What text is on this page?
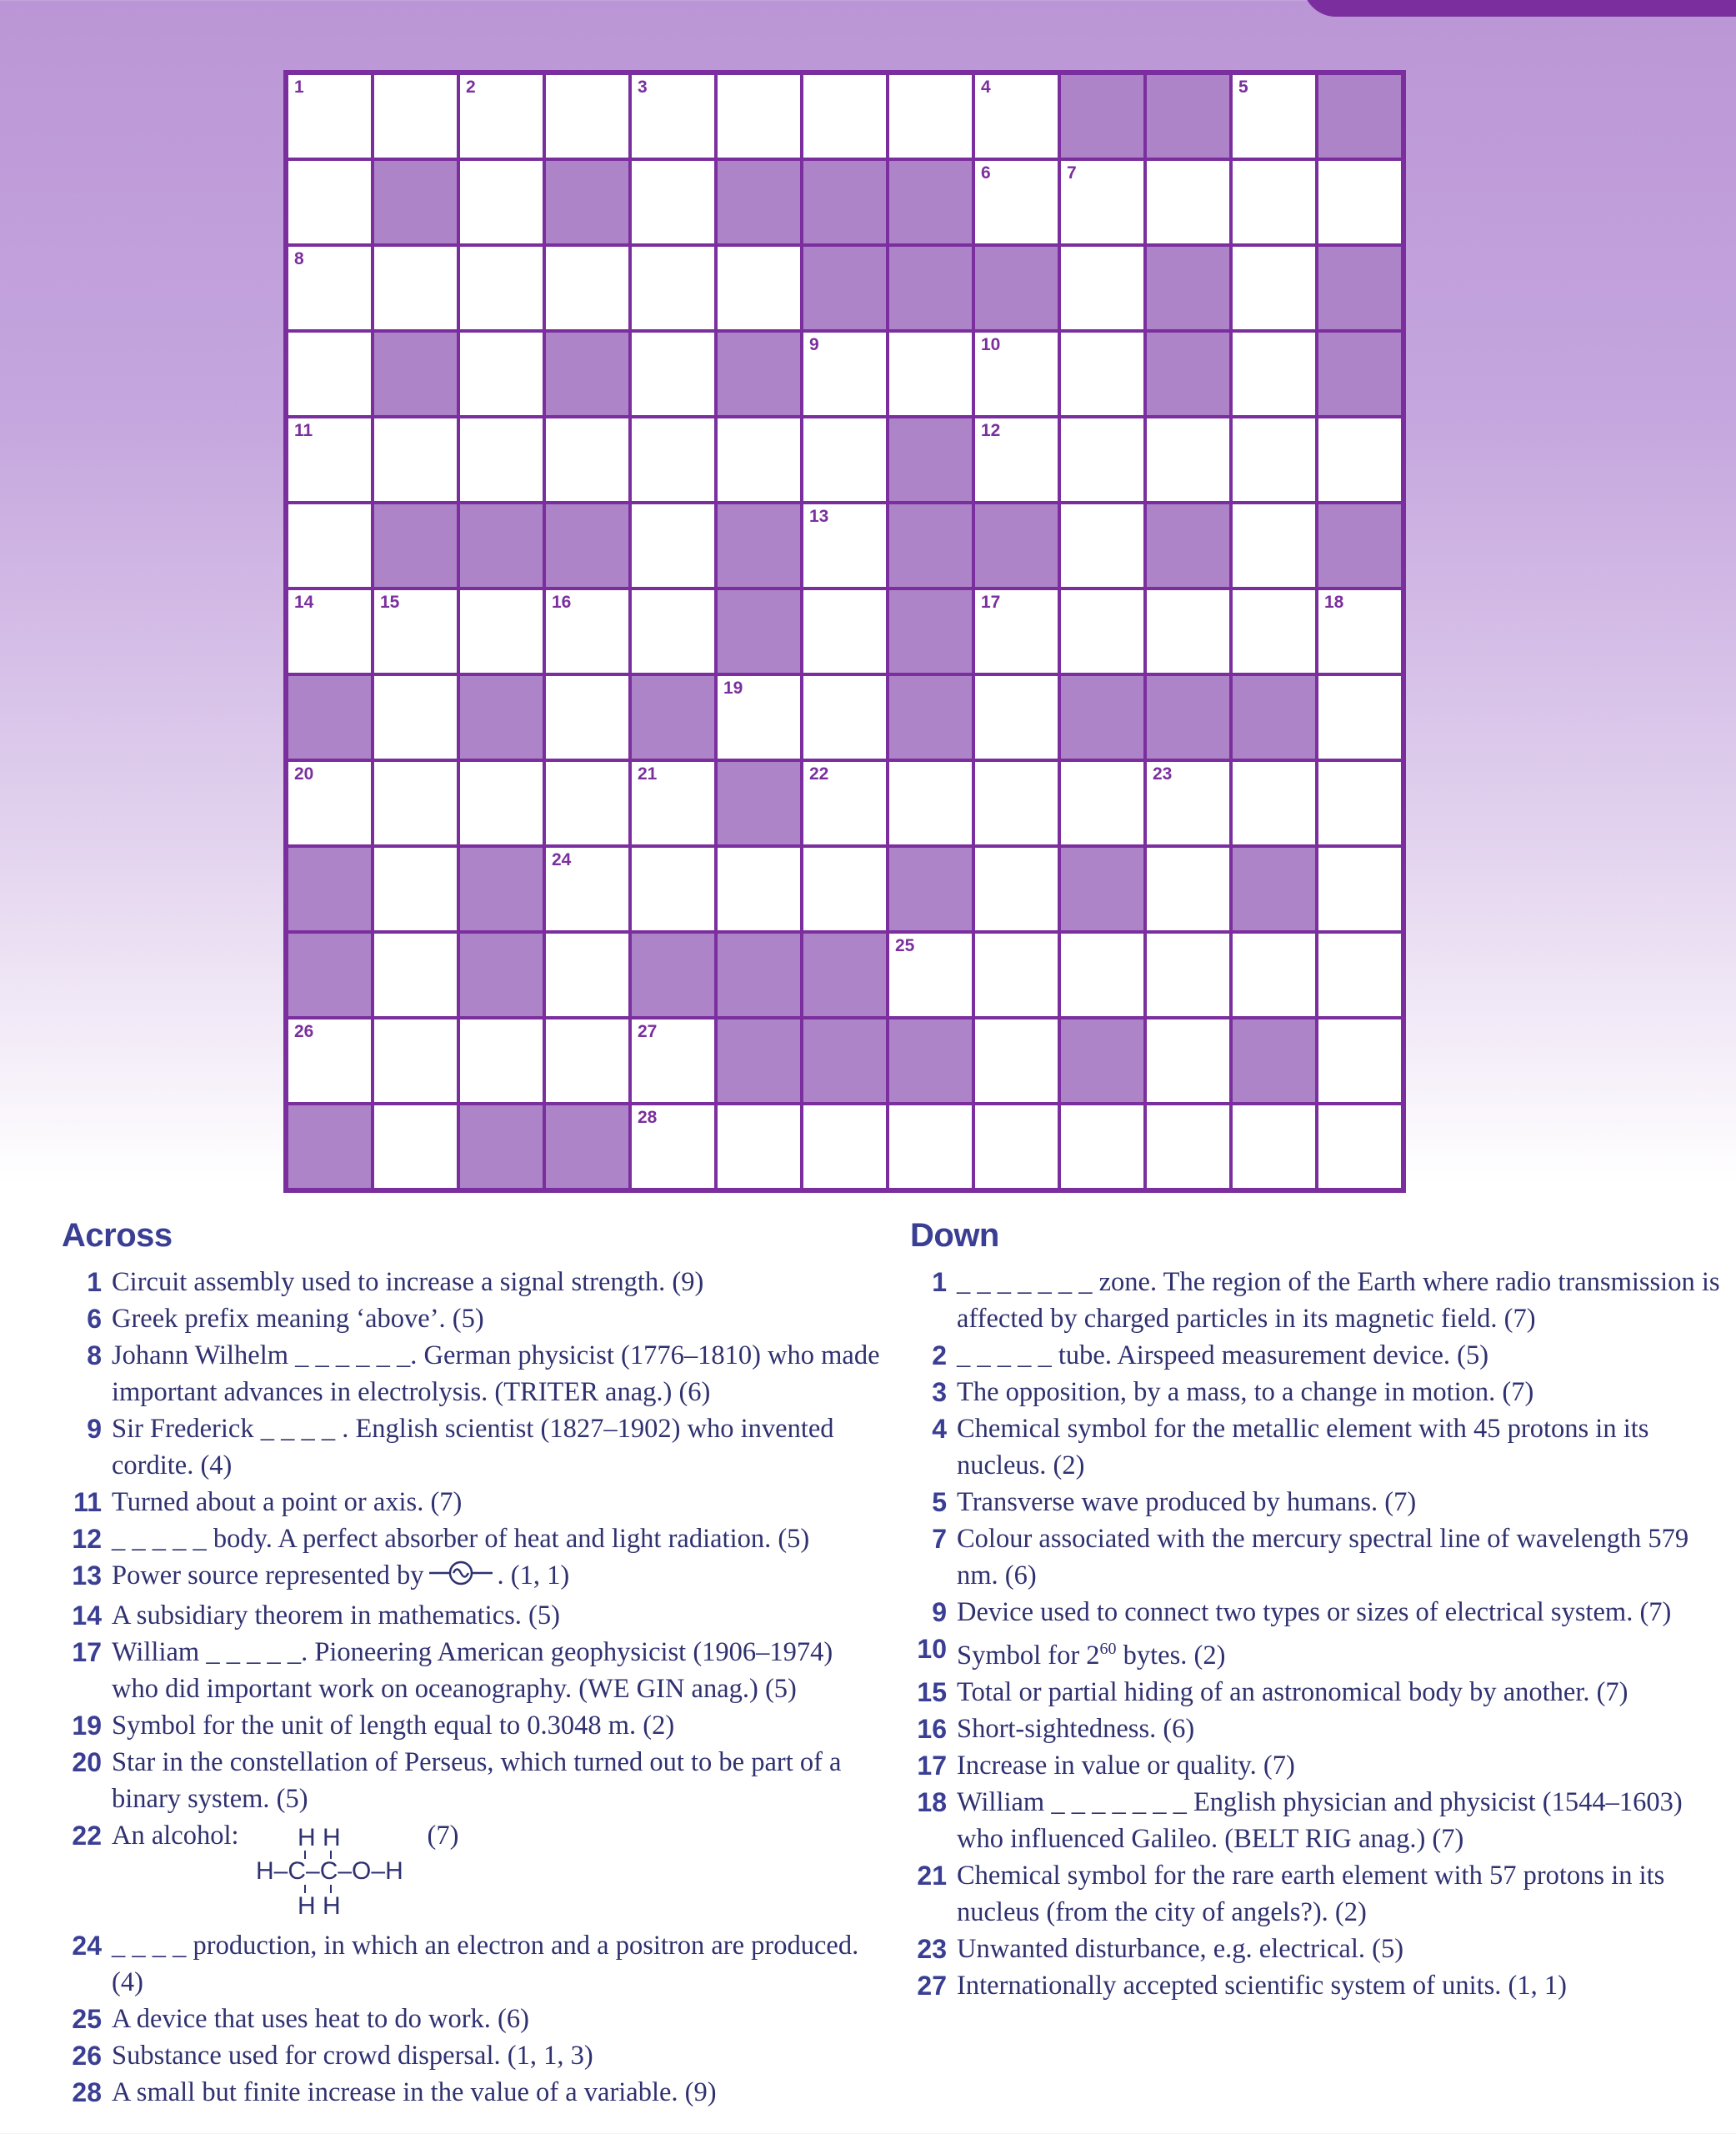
1	2	3	4	5
6	7
8
9	10
11	12
13
14	15	16	17	18
19
20	21	22	23
24
25
26	27
28
Across
1 Circuit assembly used to increase a signal strength. (9)
6 Greek prefix meaning ‘above’. (5)
8 Johann Wilhelm _ _ _ _ _ _. German physicist (1776–1810) who made important advances in electrolysis. (TRITER anag.) (6)
9 Sir Frederick _ _ _ _ . English scientist (1827–1902) who invented cordite. (4)
11 Turned about a point or axis. (7)
12 _ _ _ _ _ body. A perfect absorber of heat and light radiation. (5)
13 Power source represented by	. (1, 1)
14 A subsidiary theorem in mathematics. (5)
17 William _ _ _ _ _. Pioneering American geophysicist (1906–1974) who did important work on oceanography. (WE GIN anag.) (5)
19 Symbol for the unit of length equal to 0.3048 m. (2)
20 Star in the constellation of Perseus, which turned out to be part of a binary system. (5)
22 An alcohol: H H
H–C–C–O–H
H H
(7)
24 _ _ _ _ production, in which an electron and a positron are produced. (4)
25 A device that uses heat to do work. (6)
26 Substance used for crowd dispersal. (1, 1, 3)
28 A small but finite increase in the value of a variable. (9)
Down
1 _ _ _ _ _ _ _ zone. The region of the Earth where radio transmission is affected by charged particles in its magnetic field. (7)
2 _ _ _ _ _ tube. Airspeed measurement device. (5)
3 The opposition, by a mass, to a change in motion. (7)
4 Chemical symbol for the metallic element with 45 protons in its nucleus. (2)
5 Transverse wave produced by humans. (7)
7 Colour associated with the mercury spectral line of wavelength 579 nm. (6)
9 Device used to connect two types or sizes of electrical system. (7)
10 Symbol for $2^{60}$ bytes. (2)
15 Total or partial hiding of an astronomical body by another. (7)
16 Short-sightedness. (6)
17 Increase in value or quality. (7)
18 William _ _ _ _ _ _ _ English physician and physicist (1544–1603) who influenced Galileo. (BELT RIG anag.) (7)
21 Chemical symbol for the rare earth element with 57 protons in its nucleus (from the city of angels?). (2)
23 Unwanted disturbance, e.g. electrical. (5)
27 Internationally accepted scientific system of units. (1, 1)
